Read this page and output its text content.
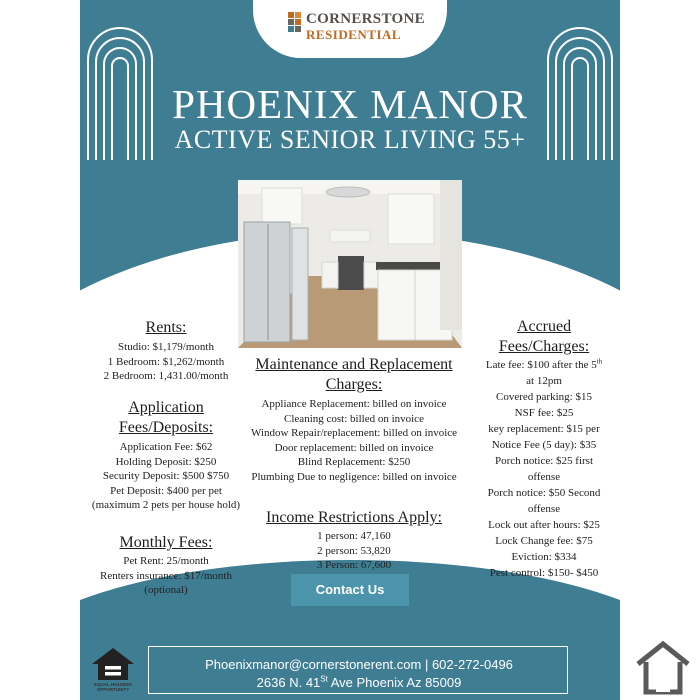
CORNERSTONE
RESIDENTIAL
PHOENIX MANOR
ACTIVE SENIOR LIVING 55+
Rents:
Studio: $1,179/month
1 Bedroom: $1,262/month
2 Bedroom: 1,431.00/month
Application
Fees/Deposits:
Application Fee: $62
Holding Deposit: $250
Security Deposit: $500 $750
Pet Deposit: $400 per pet
(maximum 2 pets per house hold)
Monthly Fees:
Pet Rent: 25/month
Renters insurance: $17/month
(optional)
Maintenance and Replacement
Charges:
Appliance Replacement: billed on invoice
Cleaning cost: billed on invoice
Window Repair/replacement: billed on invoice
Door replacement: billed on invoice
Blind Replacement: $250
Plumbing Due to negligence: billed on invoice
Income Restrictions Apply:
1 person: 47,160
2 person: 53,820
3 Person: 67,600
Accrued
Fees/Charges:
Late fee: $100 after the 5th
at 12pm
Covered parking: $15
NSF fee: $25
key replacement: $15 per
Notice Fee (5 day): $35
Porch notice: $25 first
offense
Porch notice: $50 Second
offense
Lock out after hours: $25
Lock Change fee: $75
Eviction: $334
Pest control: $150- $450
Contact Us
Phoenixmanor@cornerstonerent.com | 602-272-0496
2636 N. 41St Ave Phoenix Az 85009
EQUAL HOUSING
OPPORTUNITY
